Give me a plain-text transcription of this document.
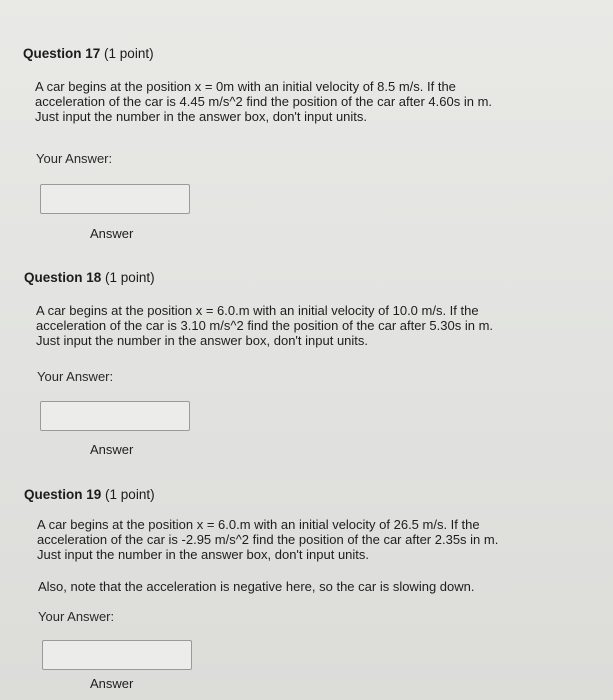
Question 17 (1 point)
A car begins at the position x = 0m with an initial velocity of 8.5 m/s. If the
acceleration of the car is 4.45 m/s^2 find the position of the car after 4.60s in m.
Just input the number in the answer box, don't input units.
Your Answer:
Answer
Question 18 (1 point)
A car begins at the position x = 6.0.m with an initial velocity of 10.0 m/s. If the
acceleration of the car is 3.10 m/s^2 find the position of the car after 5.30s in m.
Just input the number in the answer box, don't input units.
Your Answer:
Answer
Question 19 (1 point)
A car begins at the position x = 6.0.m with an initial velocity of 26.5 m/s. If the
acceleration of the car is -2.95 m/s^2 find the position of the car after 2.35s in m.
Just input the number in the answer box, don't input units.
Also, note that the acceleration is negative here, so the car is slowing down.
Your Answer:
Answer
